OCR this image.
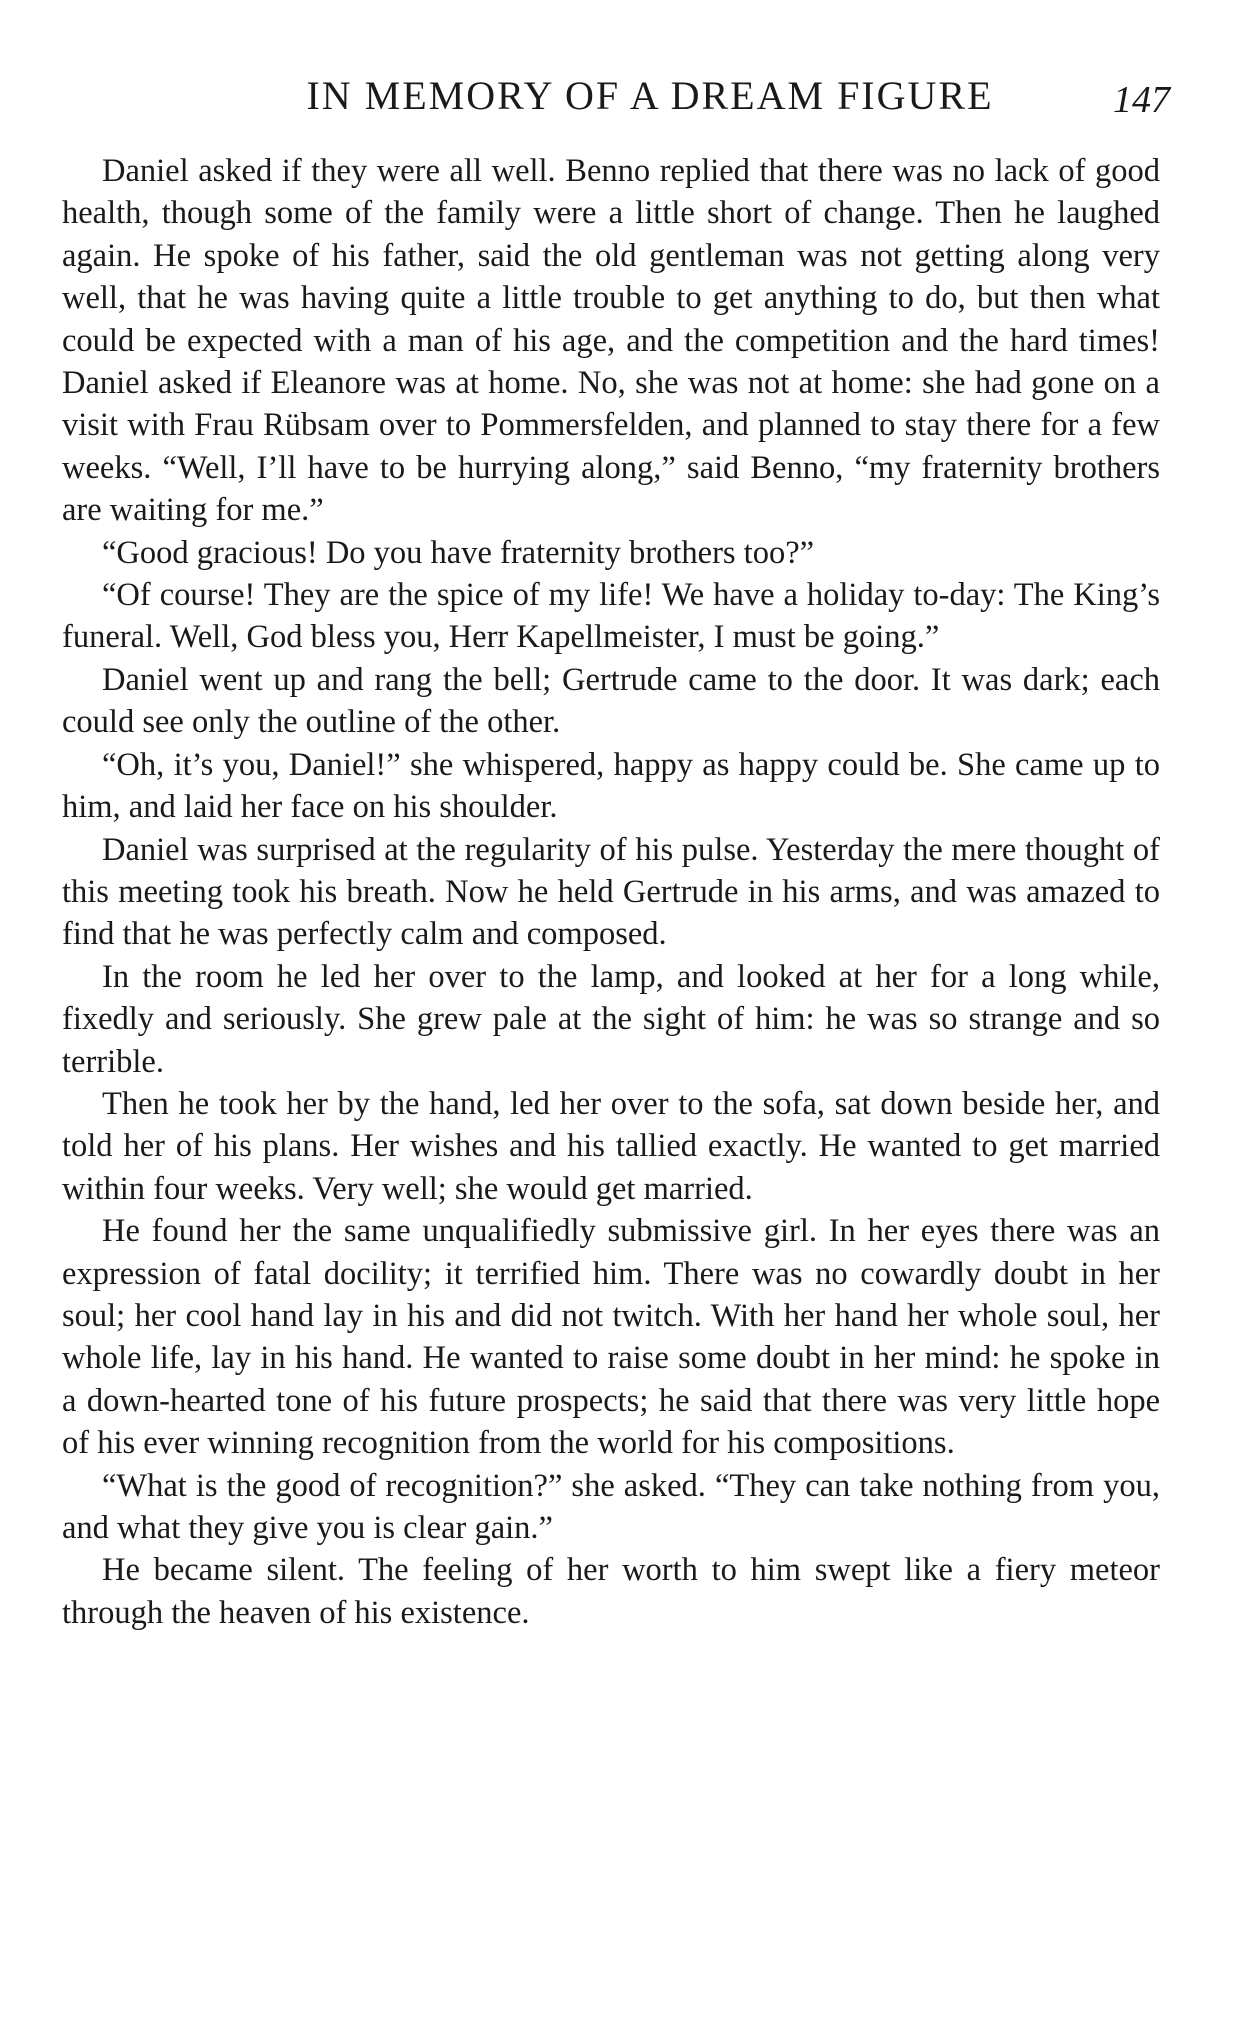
IN MEMORY OF A DREAM FIGURE	147

Daniel asked if they were all well. Benno replied that there was no lack of good health, though some of the family were a little short of change. Then he laughed again. He spoke of his father, said the old gentleman was not getting along very well, that he was having quite a little trouble to get anything to do, but then what could be expected with a man of his age, and the competition and the hard times! Daniel asked if Eleanore was at home. No, she was not at home: she had gone on a visit with Frau Rübsam over to Pommersfelden, and planned to stay there for a few weeks. “Well, I’ll have to be hurrying along,” said Benno, “my fraternity brothers are waiting for me.”

“Good gracious! Do you have fraternity brothers too?”

“Of course! They are the spice of my life! We have a holiday to-day: The King’s funeral. Well, God bless you, Herr Kapellmeister, I must be going.”

Daniel went up and rang the bell; Gertrude came to the door. It was dark; each could see only the outline of the other.

“Oh, it’s you, Daniel!” she whispered, happy as happy could be. She came up to him, and laid her face on his shoulder.

Daniel was surprised at the regularity of his pulse. Yesterday the mere thought of this meeting took his breath. Now he held Gertrude in his arms, and was amazed to find that he was perfectly calm and composed.

In the room he led her over to the lamp, and looked at her for a long while, fixedly and seriously. She grew pale at the sight of him: he was so strange and so terrible.

Then he took her by the hand, led her over to the sofa, sat down beside her, and told her of his plans. Her wishes and his tallied exactly. He wanted to get married within four weeks. Very well; she would get married.

He found her the same unqualifiedly submissive girl. In her eyes there was an expression of fatal docility; it terrified him. There was no cowardly doubt in her soul; her cool hand lay in his and did not twitch. With her hand her whole soul, her whole life, lay in his hand. He wanted to raise some doubt in her mind: he spoke in a down-hearted tone of his future prospects; he said that there was very little hope of his ever winning recognition from the world for his compositions.

“What is the good of recognition?” she asked. “They can take nothing from you, and what they give you is clear gain.”

He became silent. The feeling of her worth to him swept like a fiery meteor through the heaven of his existence.
